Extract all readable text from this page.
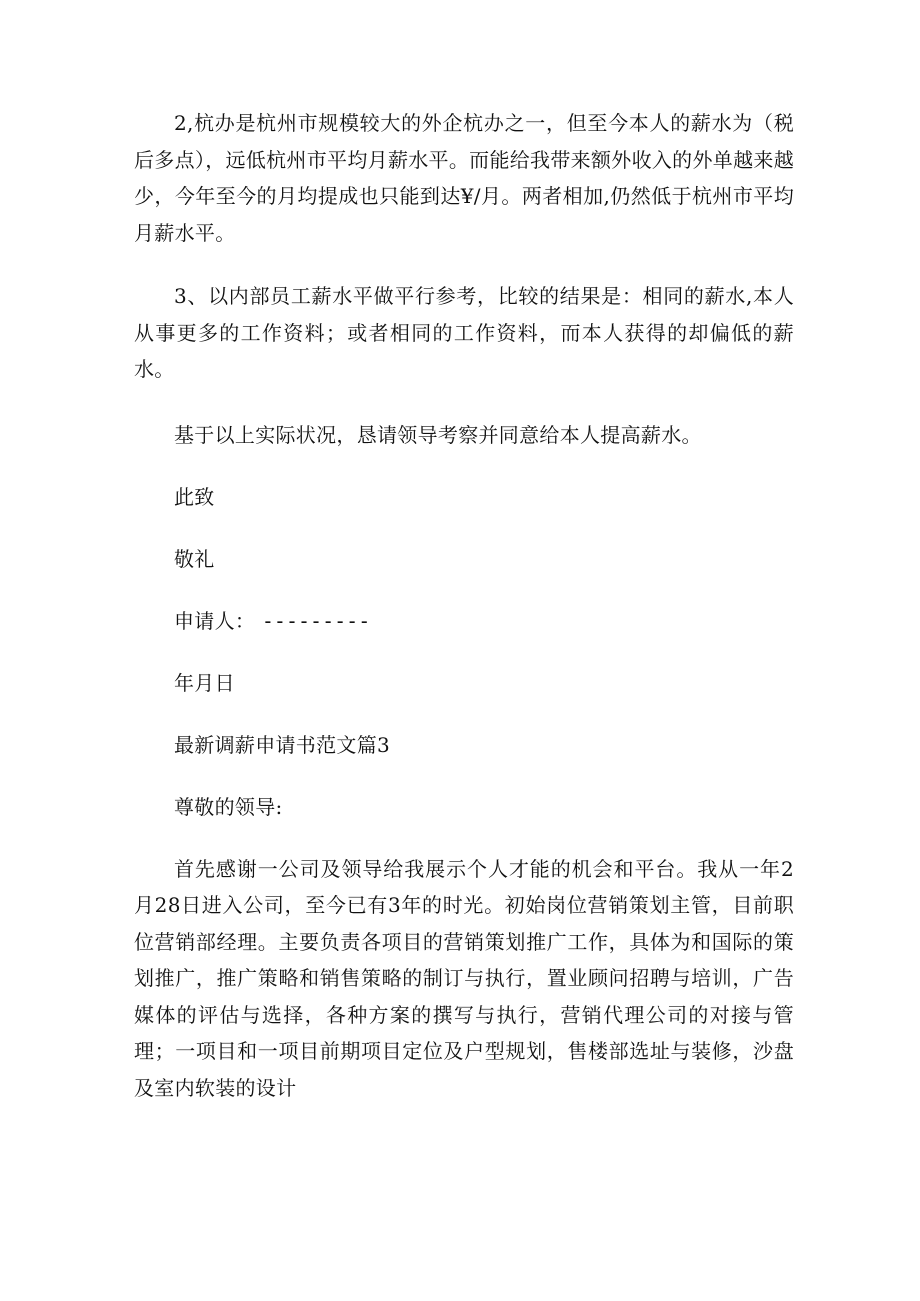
2,杭办是杭州市规模较大的外企杭办之一，但至今本人的薪水为（税后多点），远低杭州市平均月薪水平。而能给我带来额外收入的外单越来越少，今年至今的月均提成也只能到达¥/月。两者相加,仍然低于杭州市平均月薪水平。

3、以内部员工薪水平做平行参考，比较的结果是：相同的薪水,本人从事更多的工作资料；或者相同的工作资料，而本人获得的却偏低的薪水。

基于以上实际状况，恳请领导考察并同意给本人提高薪水。

此致

敬礼

申请人： ---------

年月日

最新调薪申请书范文篇3

尊敬的领导:

首先感谢一公司及领导给我展示个人才能的机会和平台。我从一年2月28日进入公司，至今已有3年的时光。初始岗位营销策划主管，目前职位营销部经理。主要负责各项目的营销策划推广工作，具体为和国际的策划推广，推广策略和销售策略的制订与执行，置业顾问招聘与培训，广告媒体的评估与选择，各种方案的撰写与执行，营销代理公司的对接与管理；一项目和一项目前期项目定位及户型规划，售楼部选址与装修，沙盘及室内软装的设计
